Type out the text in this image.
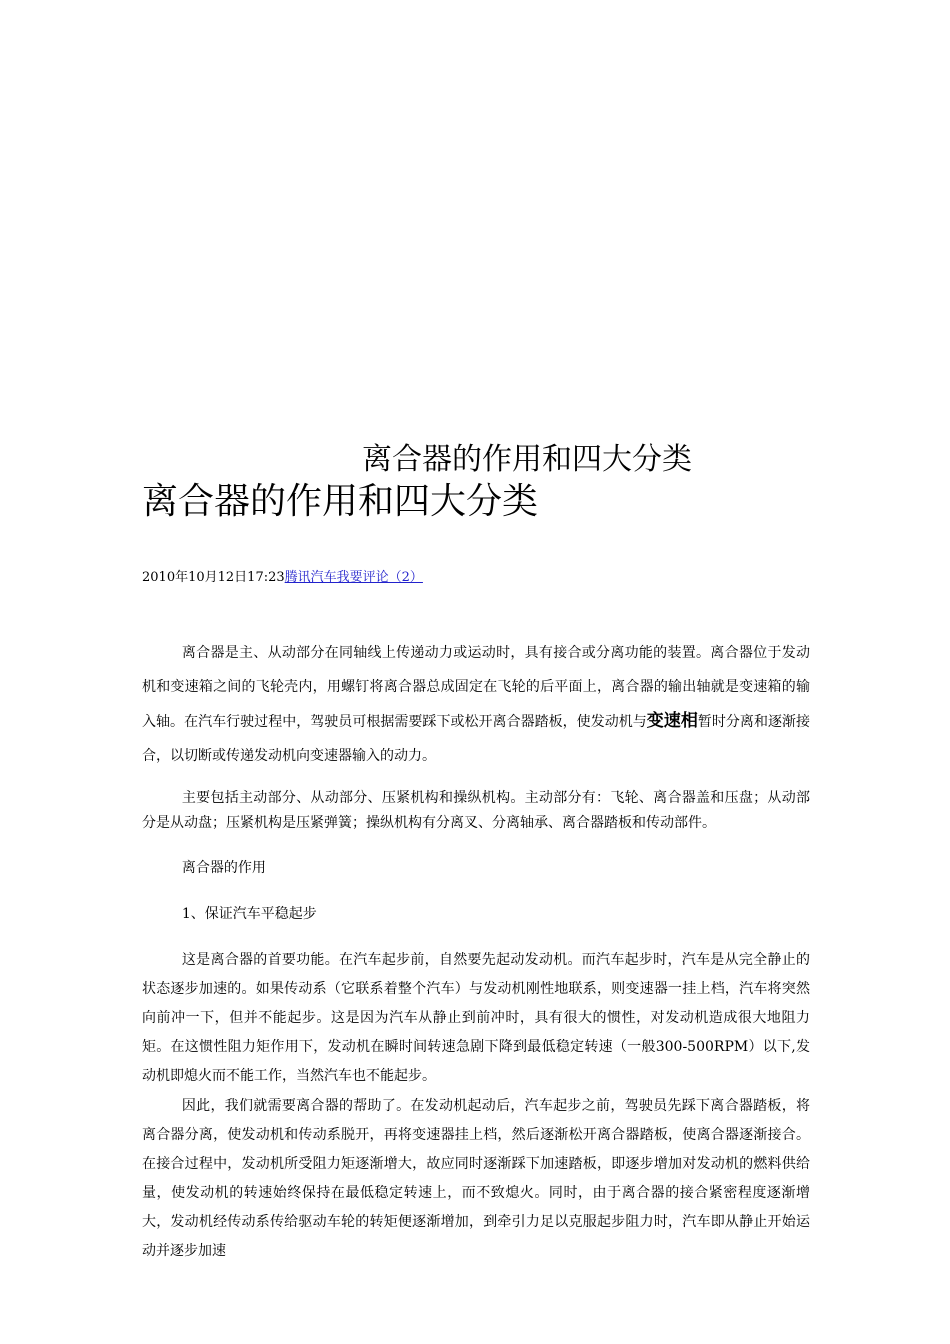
离合器的作用和四大分类
离合器的作用和四大分类
2010年10月12日17:23腾讯汽车我要评论（2）
离合器是主、从动部分在同轴线上传递动力或运动时，具有接合或分离功能的装置。离合器位于发动机和变速箱之间的飞轮壳内，用螺钉将离合器总成固定在飞轮的后平面上，离合器的输出轴就是变速箱的输入轴。在汽车行驶过程中，驾驶员可根据需要踩下或松开离合器踏板，使发动机与变速相暂时分离和逐渐接合，以切断或传递发动机向变速器输入的动力。
主要包括主动部分、从动部分、压紧机构和操纵机构。主动部分有：飞轮、离合器盖和压盘；从动部分是从动盘；压紧机构是压紧弹簧；操纵机构有分离叉、分离轴承、离合器踏板和传动部件。
离合器的作用
1、保证汽车平稳起步
这是离合器的首要功能。在汽车起步前，自然要先起动发动机。而汽车起步时，汽车是从完全静止的状态逐步加速的。如果传动系（它联系着整个汽车）与发动机刚性地联系，则变速器一挂上档，汽车将突然向前冲一下，但并不能起步。这是因为汽车从静止到前冲时，具有很大的惯性，对发动机造成很大地阻力矩。在这惯性阻力矩作用下，发动机在瞬时间转速急剧下降到最低稳定转速（一般300-500RPM）以下,发动机即熄火而不能工作，当然汽车也不能起步。
因此，我们就需要离合器的帮助了。在发动机起动后，汽车起步之前，驾驶员先踩下离合器踏板，将离合器分离，使发动机和传动系脱开，再将变速器挂上档，然后逐渐松开离合器踏板，使离合器逐渐接合。在接合过程中，发动机所受阻力矩逐渐增大，故应同时逐渐踩下加速踏板，即逐步增加对发动机的燃料供给量，使发动机的转速始终保持在最低稳定转速上，而不致熄火。同时，由于离合器的接合紧密程度逐渐增大，发动机经传动系传给驱动车轮的转矩便逐渐增加，到牵引力足以克服起步阻力时，汽车即从静止开始运动并逐步加速
